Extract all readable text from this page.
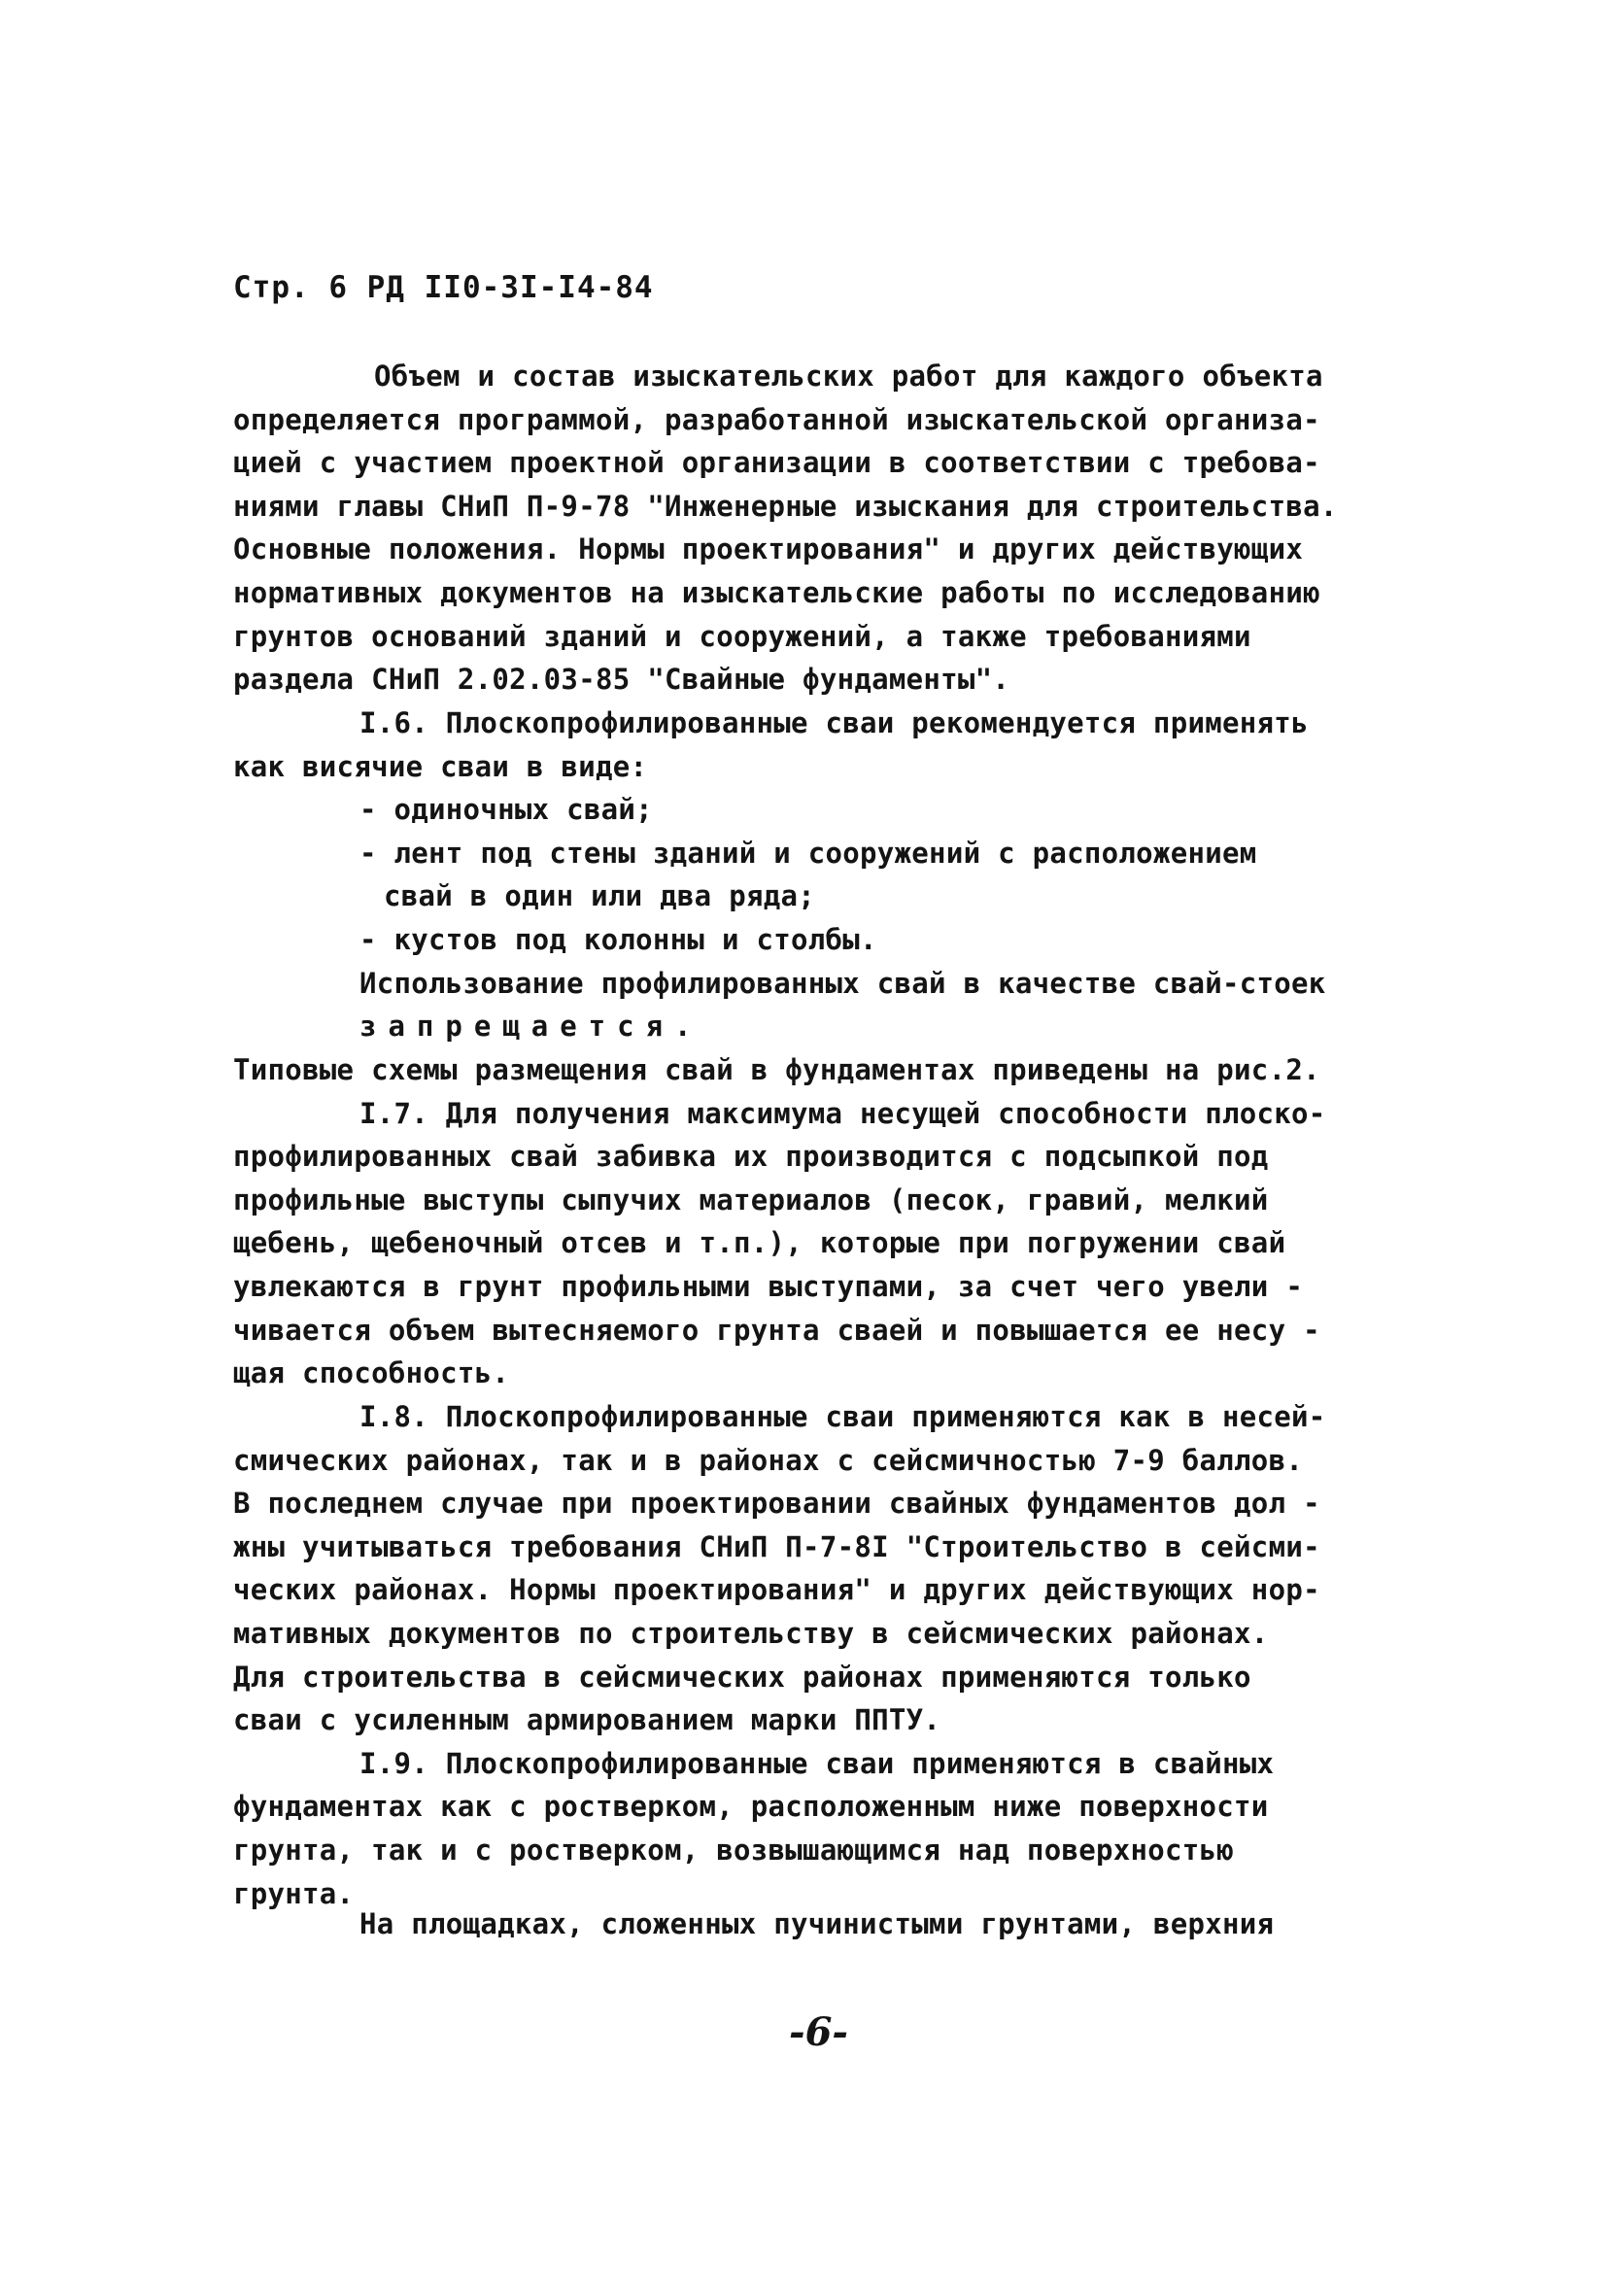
Стр. 6 РД ІІ0-3І-І4-84
Объем и состав изыскательских работ для каждого объекта
определяется программой, разработанной изыскательской организа-
цией с участием проектной организации в соответствии с требова-
ниями главы СНиП П-9-78 "Инженерные изыскания для строительства.
Основные положения. Нормы проектирования" и других действующих
нормативных документов на изыскательские работы по исследованию
грунтов оснований зданий и сооружений, а также требованиями
раздела СНиП 2.02.03-85 "Свайные фундаменты".
І.6. Плоскопрофилированные сваи рекомендуется применять
как висячие сваи в виде:
- одиночных свай;
- лент под стены зданий и сооружений с расположением
свай в один или два ряда;
- кустов под колонны и столбы.
Использование профилированных свай в качестве свай-стоек
запрещается.
Типовые схемы размещения свай в фундаментах приведены на рис.2.
І.7. Для получения максимума несущей способности плоско-
профилированных свай забивка их производится с подсыпкой под
профильные выступы сыпучих материалов (песок, гравий, мелкий
щебень, щебеночный отсев и т.п.), которые при погружении свай
увлекаются в грунт профильными выступами, за счет чего увели -
чивается объем вытесняемого грунта сваей и повышается ее несу -
щая способность.
І.8. Плоскопрофилированные сваи применяются как в несей-
смических районах, так и в районах с сейсмичностью 7-9 баллов.
В последнем случае при проектировании свайных фундаментов дол -
жны учитываться требования СНиП П-7-8І "Строительство в сейсми-
ческих районах. Нормы проектирования" и других действующих нор-
мативных документов по строительству в сейсмических районах.
Для строительства в сейсмических районах применяются только
сваи с усиленным армированием марки ППТУ.
І.9. Плоскопрофилированные сваи применяются в свайных
фундаментах как с ростверком, расположенным ниже поверхности
грунта, так и с ростверком, возвышающимся над поверхностью
грунта.
-6-
На площадках, сложенных пучинистыми грунтами, верхния
